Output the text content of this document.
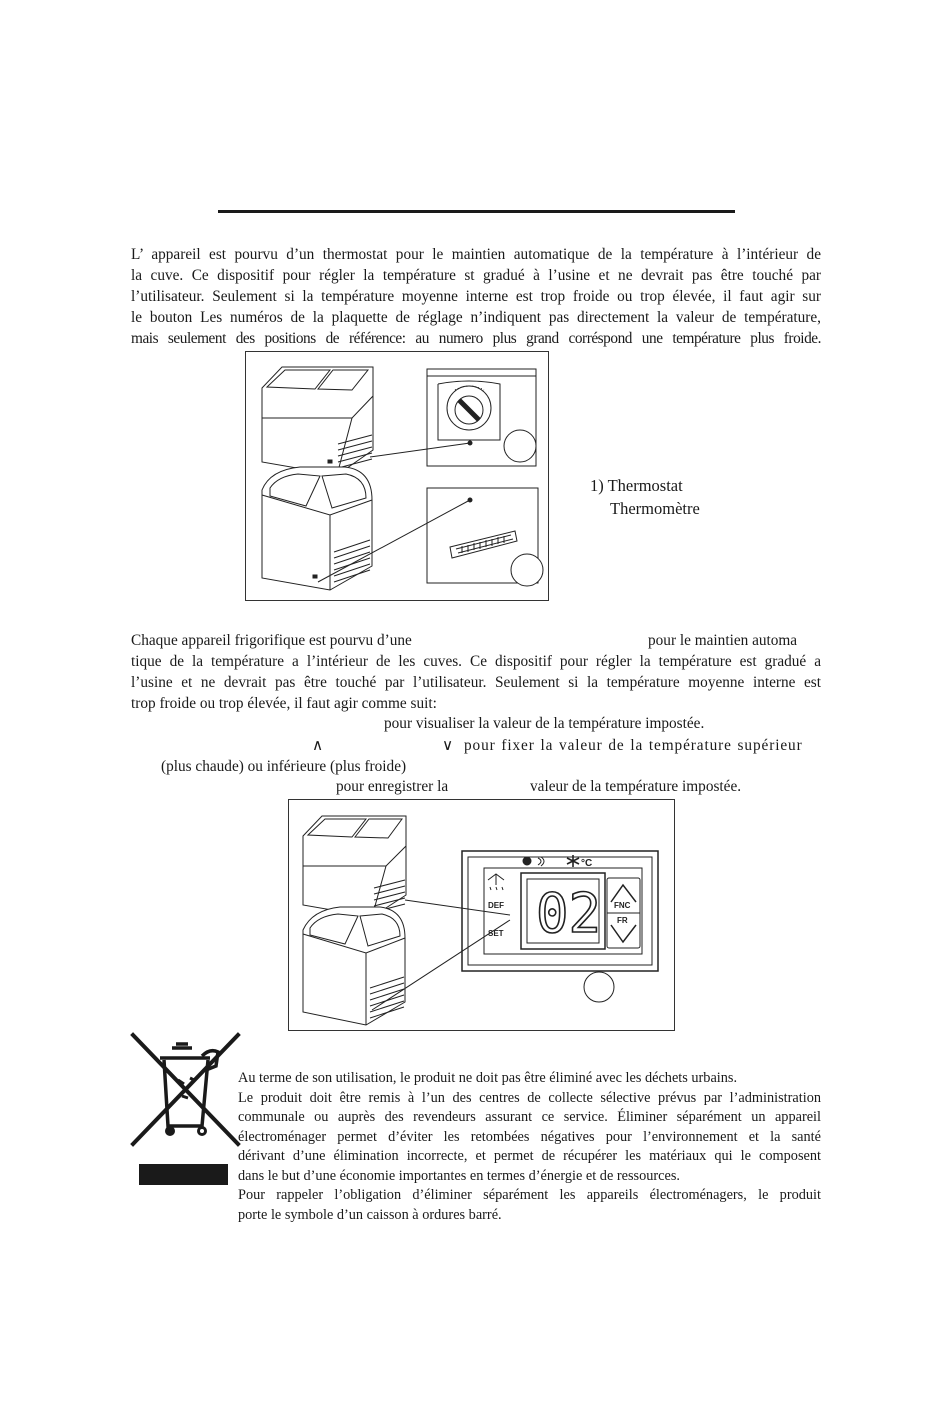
L’ appareil est pourvu d’un thermostat pour le maintien automatique de la température à l’intérieur de
la cuve. Ce dispositif pour régler la température st gradué à l’usine et ne devrait pas être touché par
l’utilisateur. Seulement si la température moyenne interne est trop froide ou trop élevée, il faut agir sur
le bouton Les numéros de la plaquette de réglage n’indiquent pas directement la valeur de température,
mais seulement des positions de référence: au numero plus grand corréspond une température plus froide.
1) Thermostat
Thermomètre
Chaque appareil frigorifique est pourvu d’une	pour le maintien automa
tique de la température a l’intérieur de les cuves. Ce dispositif pour régler la température est gradué a
l’usine et ne devrait pas être touché par l’utilisateur. Seulement si la température moyenne interne est
trop froide ou trop élevée, il faut agir comme suit:
pour visualiser la valeur de la température impostée.
∧	∨ pour fixer la valeur de la température supérieur
(plus chaude) ou inférieure (plus froide)
pour enregistrer la	valeur de la température impostée.
°C
DEF
SET
FNC
FR
02
Au terme de son utilisation, le produit ne doit pas être éliminé avec les déchets urbains.
Le produit doit être remis à l’un des centres de collecte sélective prévus par l’administration
communale ou auprès des revendeurs assurant ce service. Éliminer séparément un appareil
électroménager permet d’éviter les retombées négatives pour l’environnement et la santé
dérivant d’une élimination incorrecte, et permet de récupérer les matériaux qui le composent
dans le but d’une économie importantes en termes d’énergie et de ressources.
Pour rappeler l’obligation d’éliminer séparément les appareils électroménagers, le produit
porte le symbole d’un caisson à ordures barré.
